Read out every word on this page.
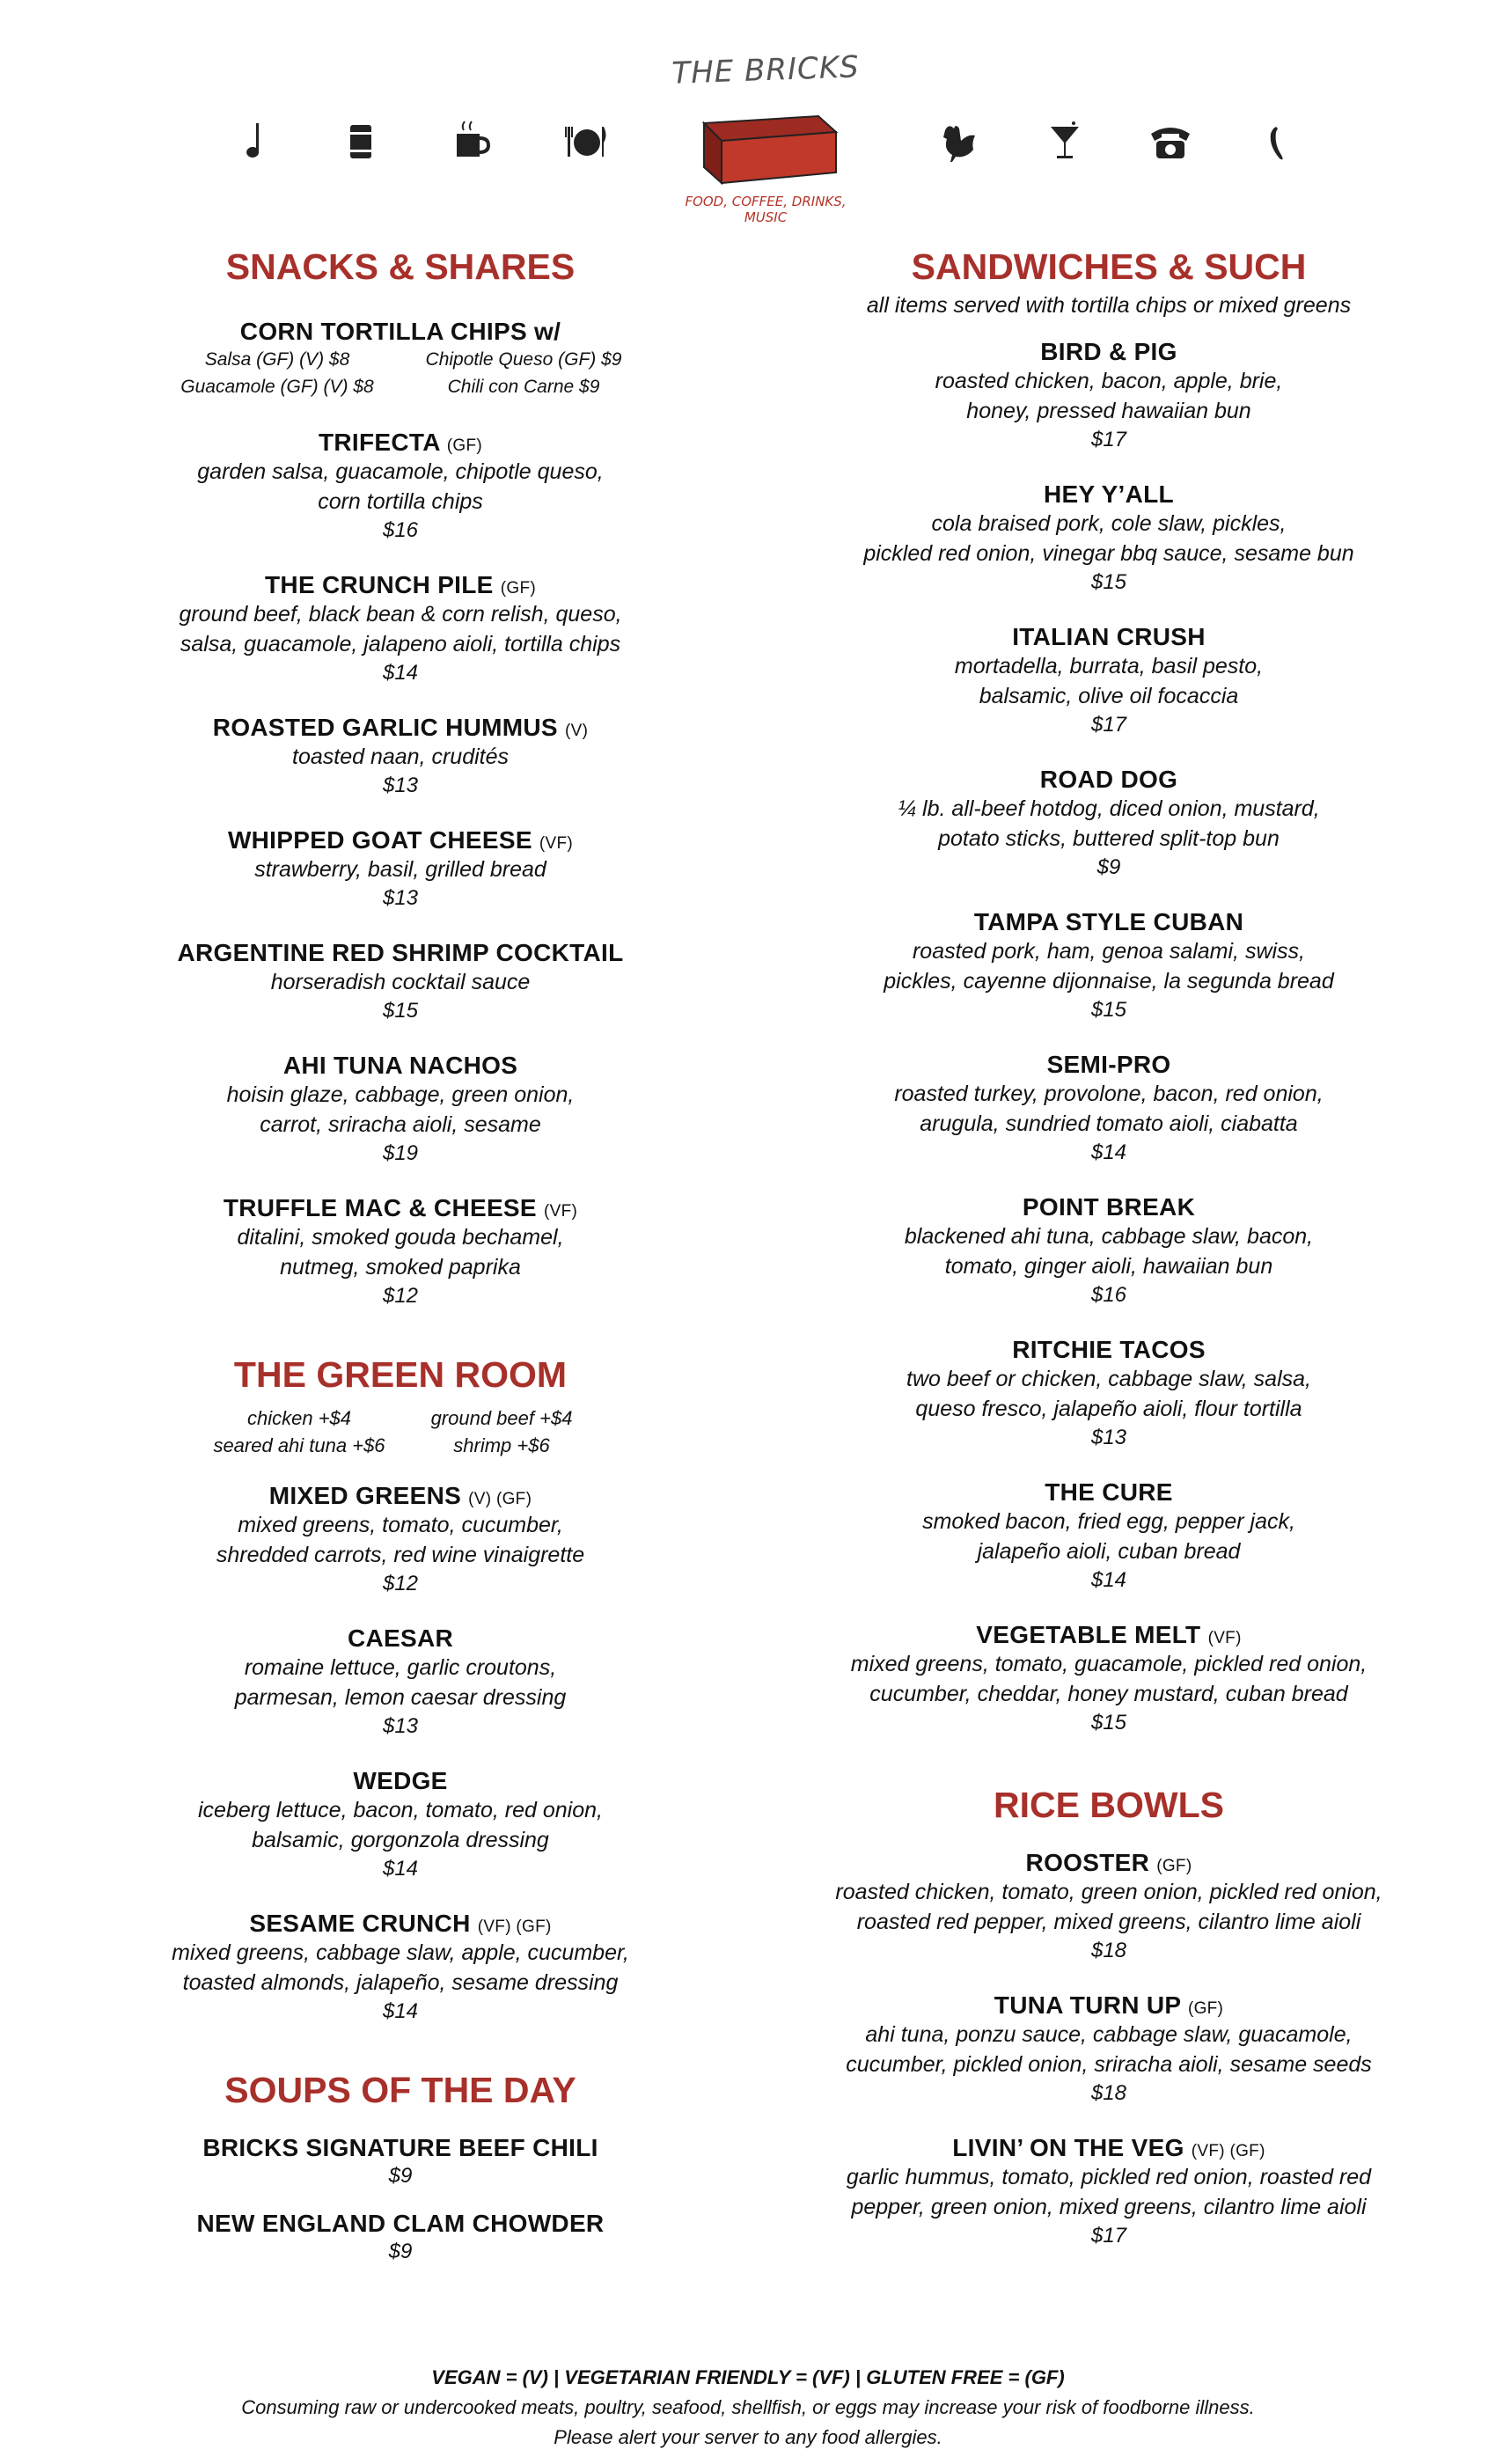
THE BRICKS
FOOD, COFFEE, DRINKS, MUSIC
SNACKS & SHARES
CORN TORTILLA CHIPS w/
Salsa (GF) (V) $8	Chipotle Queso (GF) $9
Guacamole (GF) (V) $8	Chili con Carne $9
TRIFECTA (GF)
garden salsa, guacamole, chipotle queso,
corn tortilla chips
$16
THE CRUNCH PILE (GF)
ground beef, black bean & corn relish, queso,
salsa, guacamole, jalapeno aioli, tortilla chips
$14
ROASTED GARLIC HUMMUS (V)
toasted naan, crudités
$13
WHIPPED GOAT CHEESE (VF)
strawberry, basil, grilled bread
$13
ARGENTINE RED SHRIMP COCKTAIL
horseradish cocktail sauce
$15
AHI TUNA NACHOS
hoisin glaze, cabbage, green onion,
carrot, sriracha aioli, sesame
$19
TRUFFLE MAC & CHEESE (VF)
ditalini, smoked gouda bechamel,
nutmeg, smoked paprika
$12
THE GREEN ROOM
chicken +$4	ground beef +$4
seared ahi tuna +$6	shrimp +$6
MIXED GREENS (V) (GF)
mixed greens, tomato, cucumber,
shredded carrots, red wine vinaigrette
$12
CAESAR
romaine lettuce, garlic croutons,
parmesan, lemon caesar dressing
$13
WEDGE
iceberg lettuce, bacon, tomato, red onion,
balsamic, gorgonzola dressing
$14
SESAME CRUNCH (VF) (GF)
mixed greens, cabbage slaw, apple, cucumber,
toasted almonds, jalapeño, sesame dressing
$14
SOUPS OF THE DAY
BRICKS SIGNATURE BEEF CHILI
$9
NEW ENGLAND CLAM CHOWDER
$9
SANDWICHES & SUCH
all items served with tortilla chips or mixed greens
BIRD & PIG
roasted chicken, bacon, apple, brie,
honey, pressed hawaiian bun
$17
HEY Y’ALL
cola braised pork, cole slaw, pickles,
pickled red onion, vinegar bbq sauce, sesame bun
$15
ITALIAN CRUSH
mortadella, burrata, basil pesto,
balsamic, olive oil focaccia
$17
ROAD DOG
¼ lb. all-beef hotdog, diced onion, mustard,
potato sticks, buttered split-top bun
$9
TAMPA STYLE CUBAN
roasted pork, ham, genoa salami, swiss,
pickles, cayenne dijonnaise, la segunda bread
$15
SEMI-PRO
roasted turkey, provolone, bacon, red onion,
arugula, sundried tomato aioli, ciabatta
$14
POINT BREAK
blackened ahi tuna, cabbage slaw, bacon,
tomato, ginger aioli, hawaiian bun
$16
RITCHIE TACOS
two beef or chicken, cabbage slaw, salsa,
queso fresco, jalapeño aioli, flour tortilla
$13
THE CURE
smoked bacon, fried egg, pepper jack,
jalapeño aioli, cuban bread
$14
VEGETABLE MELT (VF)
mixed greens, tomato, guacamole, pickled red onion,
cucumber, cheddar, honey mustard, cuban bread
$15
RICE BOWLS
ROOSTER (GF)
roasted chicken, tomato, green onion, pickled red onion,
roasted red pepper, mixed greens, cilantro lime aioli
$18
TUNA TURN UP (GF)
ahi tuna, ponzu sauce, cabbage slaw, guacamole,
cucumber, pickled onion, sriracha aioli, sesame seeds
$18
LIVIN’ ON THE VEG (VF) (GF)
garlic hummus, tomato, pickled red onion, roasted red
pepper, green onion, mixed greens, cilantro lime aioli
$17
VEGAN = (V) | VEGETARIAN FRIENDLY = (VF) | GLUTEN FREE = (GF)
Consuming raw or undercooked meats, poultry, seafood, shellfish, or eggs may increase your risk of foodborne illness.
Please alert your server to any food allergies.
